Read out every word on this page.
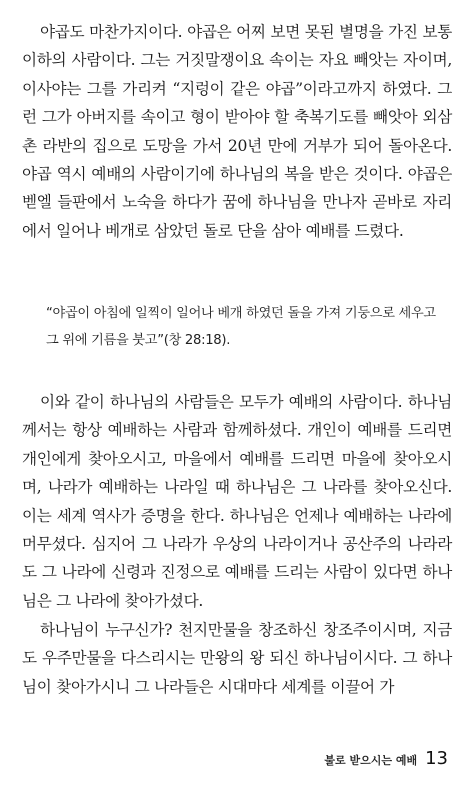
야곱도 마찬가지이다. 야곱은 어찌 보면 못된 별명을 가진 보통 이하의 사람이다. 그는 거짓말쟁이요 속이는 자요 빼앗는 자이며, 이사야는 그를 가리켜 “지렁이 같은 야곱”이라고까지 하였다. 그런 그가 아버지를 속이고 형이 받아야 할 축복기도를 빼앗아 외삼촌 라반의 집으로 도망을 가서 20년 만에 거부가 되어 돌아온다. 야곱 역시 예배의 사람이기에 하나님의 복을 받은 것이다. 야곱은 벧엘 들판에서 노숙을 하다가 꿈에 하나님을 만나자 곧바로 자리에서 일어나 베개로 삼았던 돌로 단을 삼아 예배를 드렸다.

“야곱이 아침에 일찍이 일어나 베개 하였던 돌을 가져 기둥으로 세우고 그 위에 기름을 붓고”(창 28:18).

이와 같이 하나님의 사람들은 모두가 예배의 사람이다. 하나님께서는 항상 예배하는 사람과 함께하셨다. 개인이 예배를 드리면 개인에게 찾아오시고, 마을에서 예배를 드리면 마을에 찾아오시며, 나라가 예배하는 나라일 때 하나님은 그 나라를 찾아오신다. 이는 세계 역사가 증명을 한다. 하나님은 언제나 예배하는 나라에 머무셨다. 심지어 그 나라가 우상의 나라이거나 공산주의 나라라도 그 나라에 신령과 진정으로 예배를 드리는 사람이 있다면 하나님은 그 나라에 찾아가셨다.

하나님이 누구신가? 천지만물을 창조하신 창조주이시며, 지금도 우주만물을 다스리시는 만왕의 왕 되신 하나님이시다. 그 하나님이 찾아가시니 그 나라들은 시대마다 세계를 이끌어 가

불로 받으시는 예배 13
